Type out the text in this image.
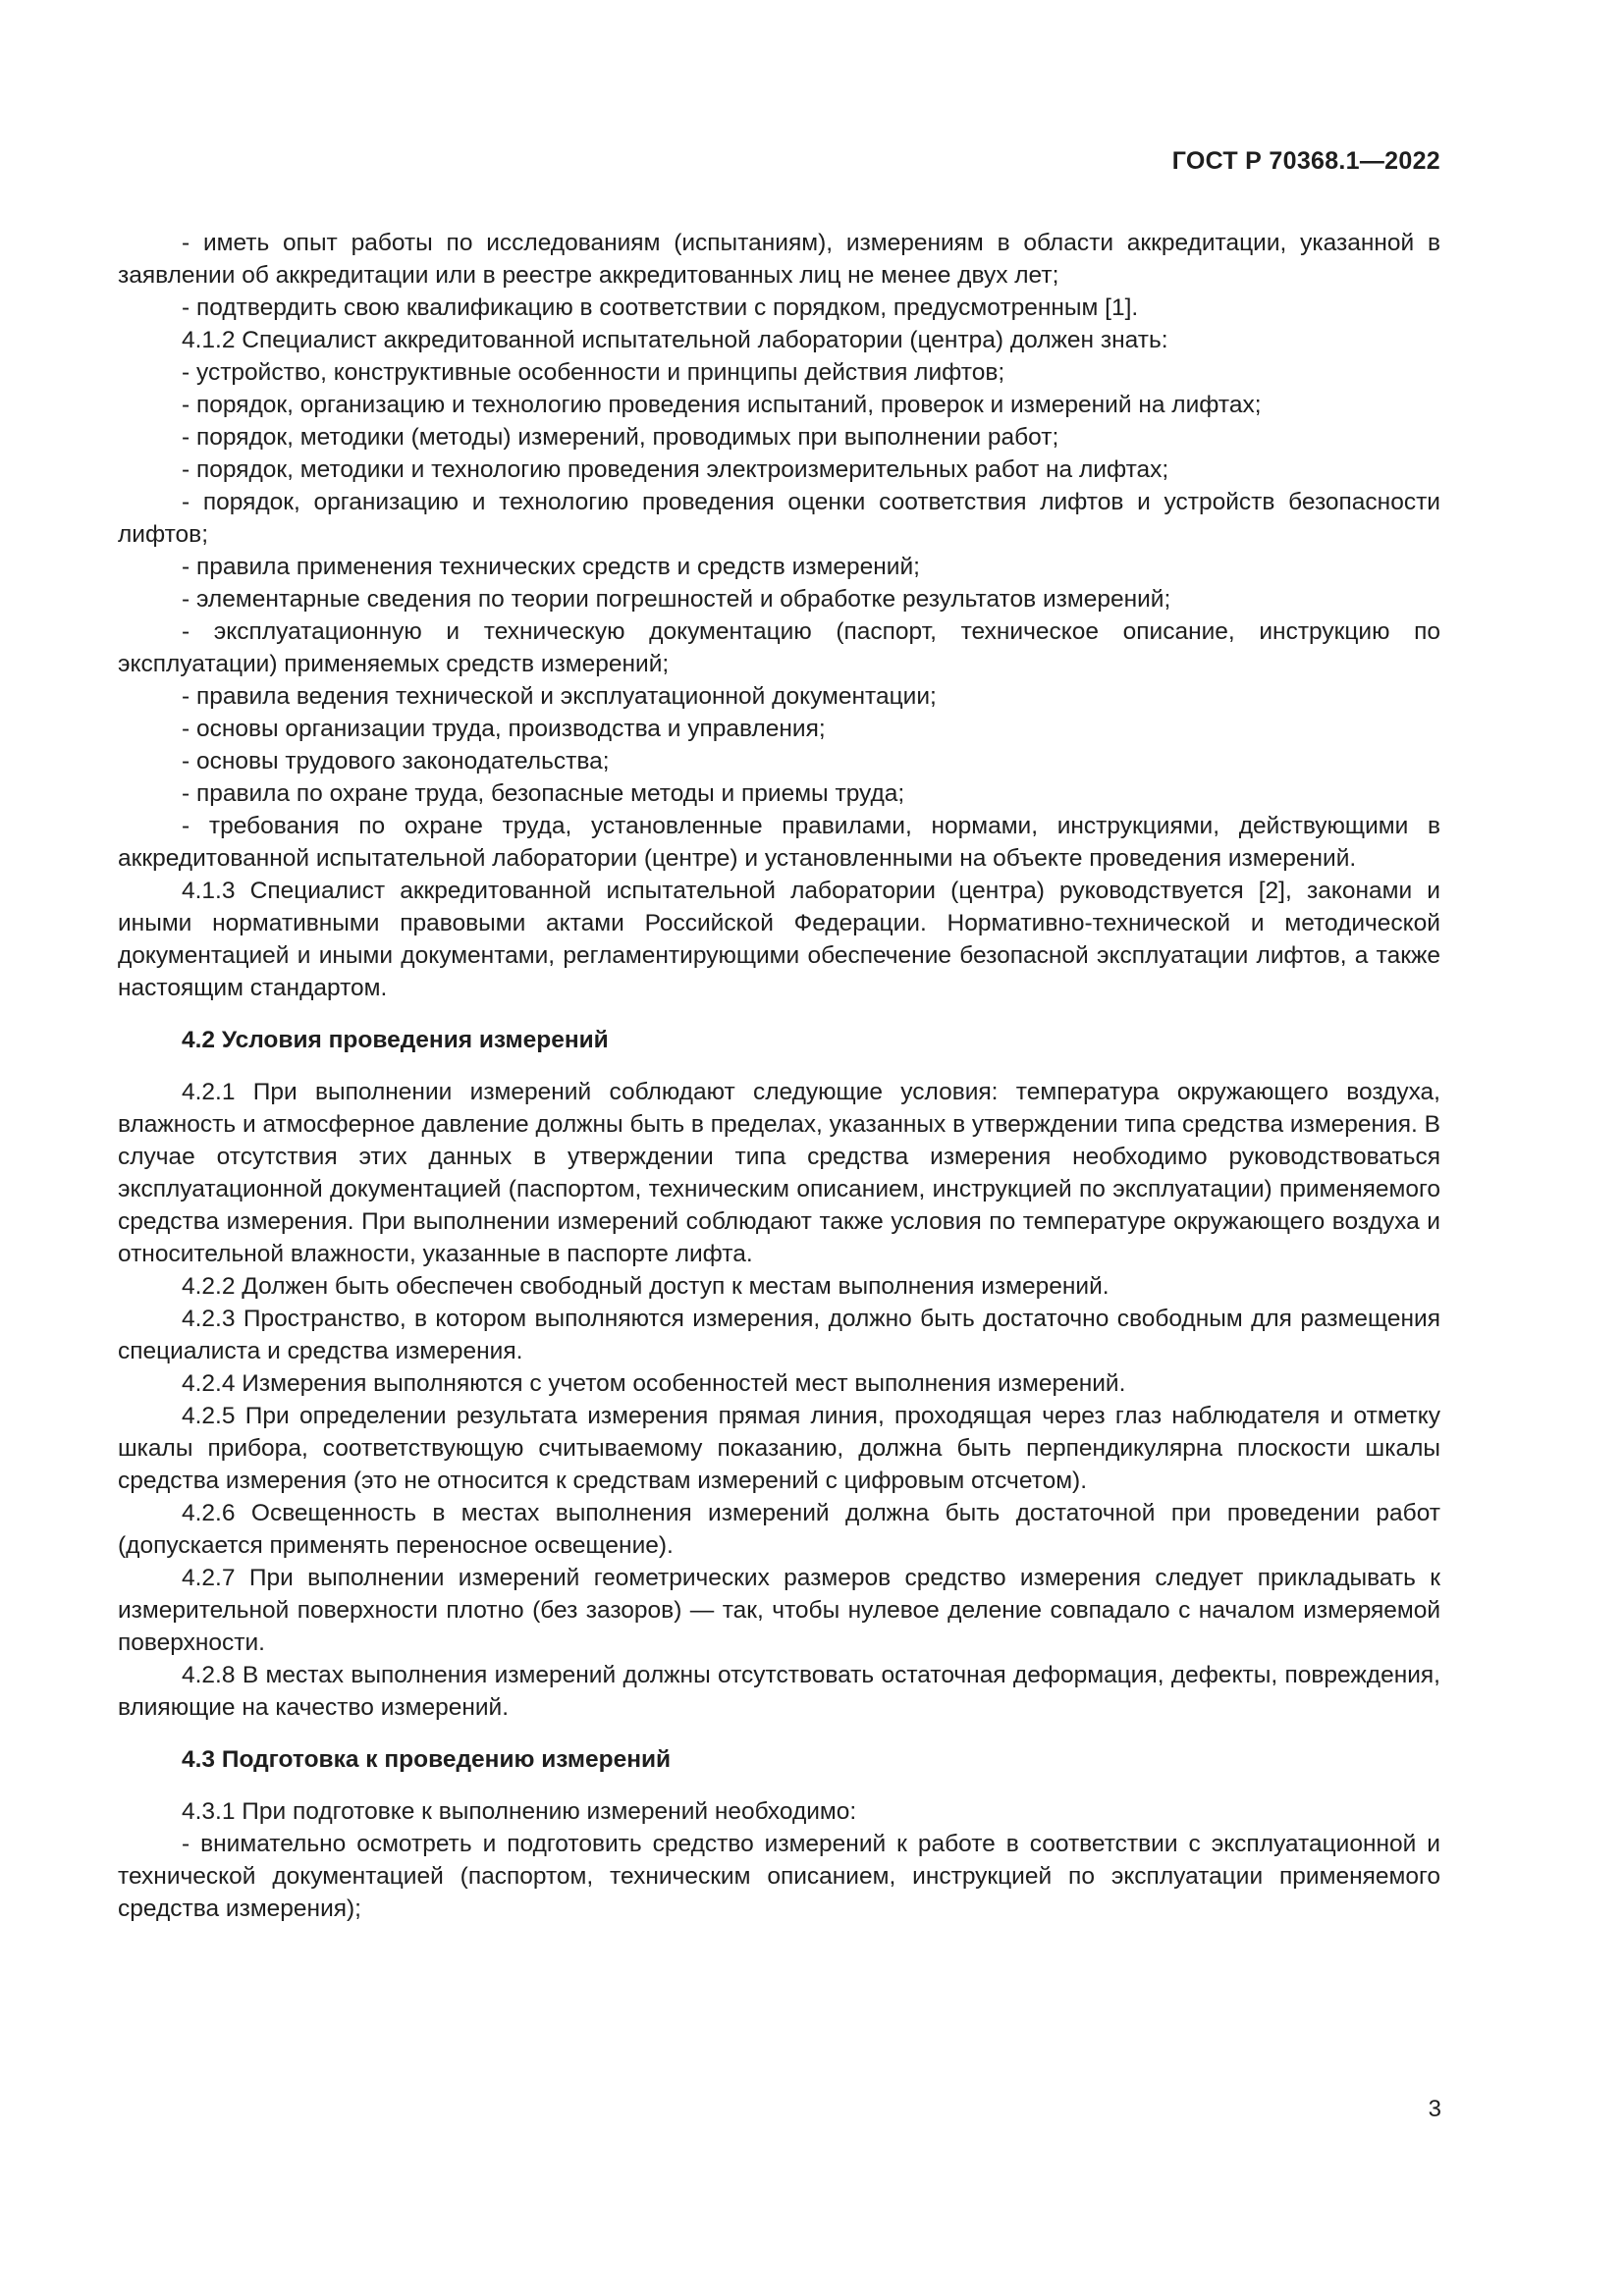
ГОСТ Р 70368.1—2022

- иметь опыт работы по исследованиям (испытаниям), измерениям в области аккредитации, указанной в заявлении об аккредитации или в реестре аккредитованных лиц не менее двух лет;

- подтвердить свою квалификацию в соответствии с порядком, предусмотренным [1].

4.1.2 Специалист аккредитованной испытательной лаборатории (центра) должен знать:

- устройство, конструктивные особенности и принципы действия лифтов;

- порядок, организацию и технологию проведения испытаний, проверок и измерений на лифтах;

- порядок, методики (методы) измерений, проводимых при выполнении работ;

- порядок, методики и технологию проведения электроизмерительных работ на лифтах;

- порядок, организацию и технологию проведения оценки соответствия лифтов и устройств безопасности лифтов;

- правила применения технических средств и средств измерений;

- элементарные сведения по теории погрешностей и обработке результатов измерений;

- эксплуатационную и техническую документацию (паспорт, техническое описание, инструкцию по эксплуатации) применяемых средств измерений;

- правила ведения технической и эксплуатационной документации;

- основы организации труда, производства и управления;

- основы трудового законодательства;

- правила по охране труда, безопасные методы и приемы труда;

- требования по охране труда, установленные правилами, нормами, инструкциями, действующими в аккредитованной испытательной лаборатории (центре) и установленными на объекте проведения измерений.

4.1.3 Специалист аккредитованной испытательной лаборатории (центра) руководствуется [2], законами и иными нормативными правовыми актами Российской Федерации. Нормативно-технической и методической документацией и иными документами, регламентирующими обеспечение безопасной эксплуатации лифтов, а также настоящим стандартом.

4.2 Условия проведения измерений

4.2.1 При выполнении измерений соблюдают следующие условия: температура окружающего воздуха, влажность и атмосферное давление должны быть в пределах, указанных в утверждении типа средства измерения. В случае отсутствия этих данных в утверждении типа средства измерения необходимо руководствоваться эксплуатационной документацией (паспортом, техническим описанием, инструкцией по эксплуатации) применяемого средства измерения. При выполнении измерений соблюдают также условия по температуре окружающего воздуха и относительной влажности, указанные в паспорте лифта.

4.2.2 Должен быть обеспечен свободный доступ к местам выполнения измерений.

4.2.3 Пространство, в котором выполняются измерения, должно быть достаточно свободным для размещения специалиста и средства измерения.

4.2.4 Измерения выполняются с учетом особенностей мест выполнения измерений.

4.2.5 При определении результата измерения прямая линия, проходящая через глаз наблюдателя и отметку шкалы прибора, соответствующую считываемому показанию, должна быть перпендикулярна плоскости шкалы средства измерения (это не относится к средствам измерений с цифровым отсчетом).

4.2.6 Освещенность в местах выполнения измерений должна быть достаточной при проведении работ (допускается применять переносное освещение).

4.2.7 При выполнении измерений геометрических размеров средство измерения следует прикладывать к измерительной поверхности плотно (без зазоров) — так, чтобы нулевое деление совпадало с началом измеряемой поверхности.

4.2.8 В местах выполнения измерений должны отсутствовать остаточная деформация, дефекты, повреждения, влияющие на качество измерений.

4.3 Подготовка к проведению измерений

4.3.1 При подготовке к выполнению измерений необходимо:

- внимательно осмотреть и подготовить средство измерений к работе в соответствии с эксплуатационной и технической документацией (паспортом, техническим описанием, инструкцией по эксплуатации применяемого средства измерения);

3
